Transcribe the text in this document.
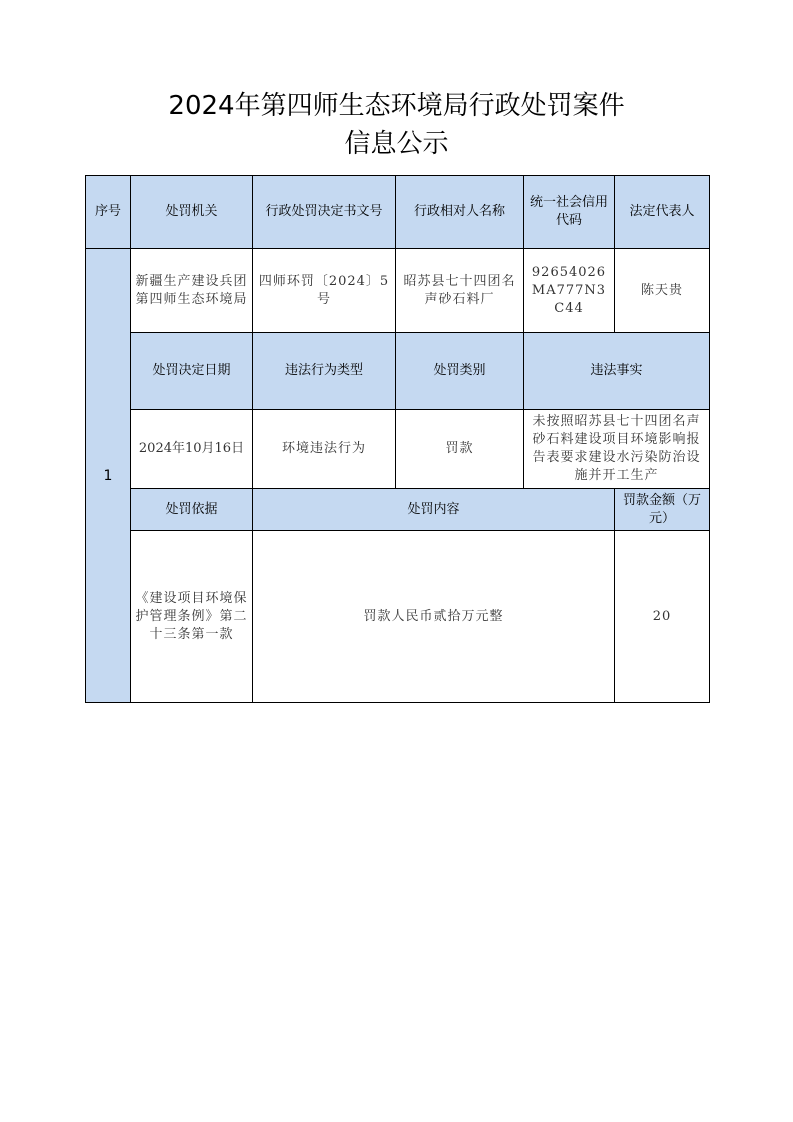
2024年第四师生态环境局行政处罚案件
信息公示
序号	处罚机关	行政处罚决定书文号	行政相对人名称	统一社会信用代码	法定代表人
1	新疆生产建设兵团第四师生态环境局	四师环罚〔2024〕5号	昭苏县七十四团名声砂石料厂	92654026MA777N3C44	陈天贵
	处罚决定日期	违法行为类型	处罚类别	违法事实	
	2024年10月16日	环境违法行为	罚款	未按照昭苏县七十四团名声砂石料建设项目环境影响报告表要求建设水污染防治设施并开工生产	
	处罚依据	处罚内容			罚款金额（万元）
	《建设项目环境保护管理条例》第二十三条第一款	罚款人民币贰拾万元整			20
